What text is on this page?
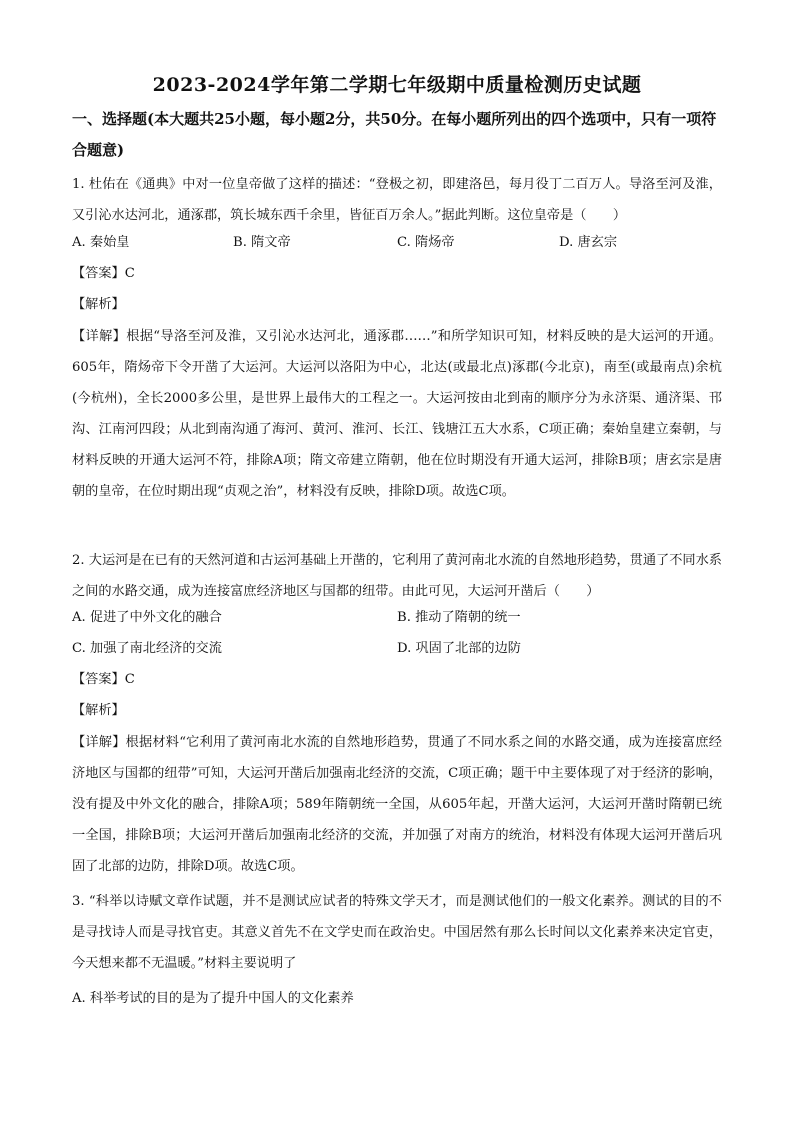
2023-2024学年第二学期七年级期中质量检测历史试题
一、选择题(本大题共25小题，每小题2分，共50分。在每小题所列出的四个选项中，只有一项符合题意)
1. 杜佑在《通典》中对一位皇帝做了这样的描述：“登极之初，即建洛邑，每月役丁二百万人。导洛至河及淮，又引沁水达河北，通涿郡，筑长城东西千余里，皆征百万余人。”据此判断。这位皇帝是（　　）
A. 秦始皇	B. 隋文帝	C. 隋炀帝	D. 唐玄宗
【答案】C
【解析】
【详解】根据“导洛至河及淮，又引沁水达河北，通涿郡……”和所学知识可知，材料反映的是大运河的开通。605年，隋炀帝下令开凿了大运河。大运河以洛阳为中心，北达(或最北点)涿郡(今北京)，南至(或最南点)余杭(今杭州)，全长2000多公里，是世界上最伟大的工程之一。大运河按由北到南的顺序分为永济渠、通济渠、邗沟、江南河四段；从北到南沟通了海河、黄河、淮河、长江、钱塘江五大水系，C项正确；秦始皇建立秦朝，与材料反映的开通大运河不符，排除A项；隋文帝建立隋朝，他在位时期没有开通大运河，排除B项；唐玄宗是唐朝的皇帝，在位时期出现“贞观之治”，材料没有反映，排除D项。故选C项。
2. 大运河是在已有的天然河道和古运河基础上开凿的，它利用了黄河南北水流的自然地形趋势，贯通了不同水系之间的水路交通，成为连接富庶经济地区与国都的纽带。由此可见，大运河开凿后（　　）
A. 促进了中外文化的融合	B. 推动了隋朝的统一
C. 加强了南北经济的交流	D. 巩固了北部的边防
【答案】C
【解析】
【详解】根据材料“它利用了黄河南北水流的自然地形趋势，贯通了不同水系之间的水路交通，成为连接富庶经济地区与国都的纽带”可知，大运河开凿后加强南北经济的交流，C项正确；题干中主要体现了对于经济的影响，没有提及中外文化的融合，排除A项；589年隋朝统一全国，从605年起，开凿大运河，大运河开凿时隋朝已统一全国，排除B项；大运河开凿后加强南北经济的交流，并加强了对南方的统治，材料没有体现大运河开凿后巩固了北部的边防，排除D项。故选C项。
3. “科举以诗赋文章作试题，并不是测试应试者的特殊文学天才，而是测试他们的一般文化素养。测试的目的不是寻找诗人而是寻找官吏。其意义首先不在文学史而在政治史。中国居然有那么长时间以文化素养来决定官吏，今天想来都不无温暖。”材料主要说明了
A. 科举考试的目的是为了提升中国人的文化素养
